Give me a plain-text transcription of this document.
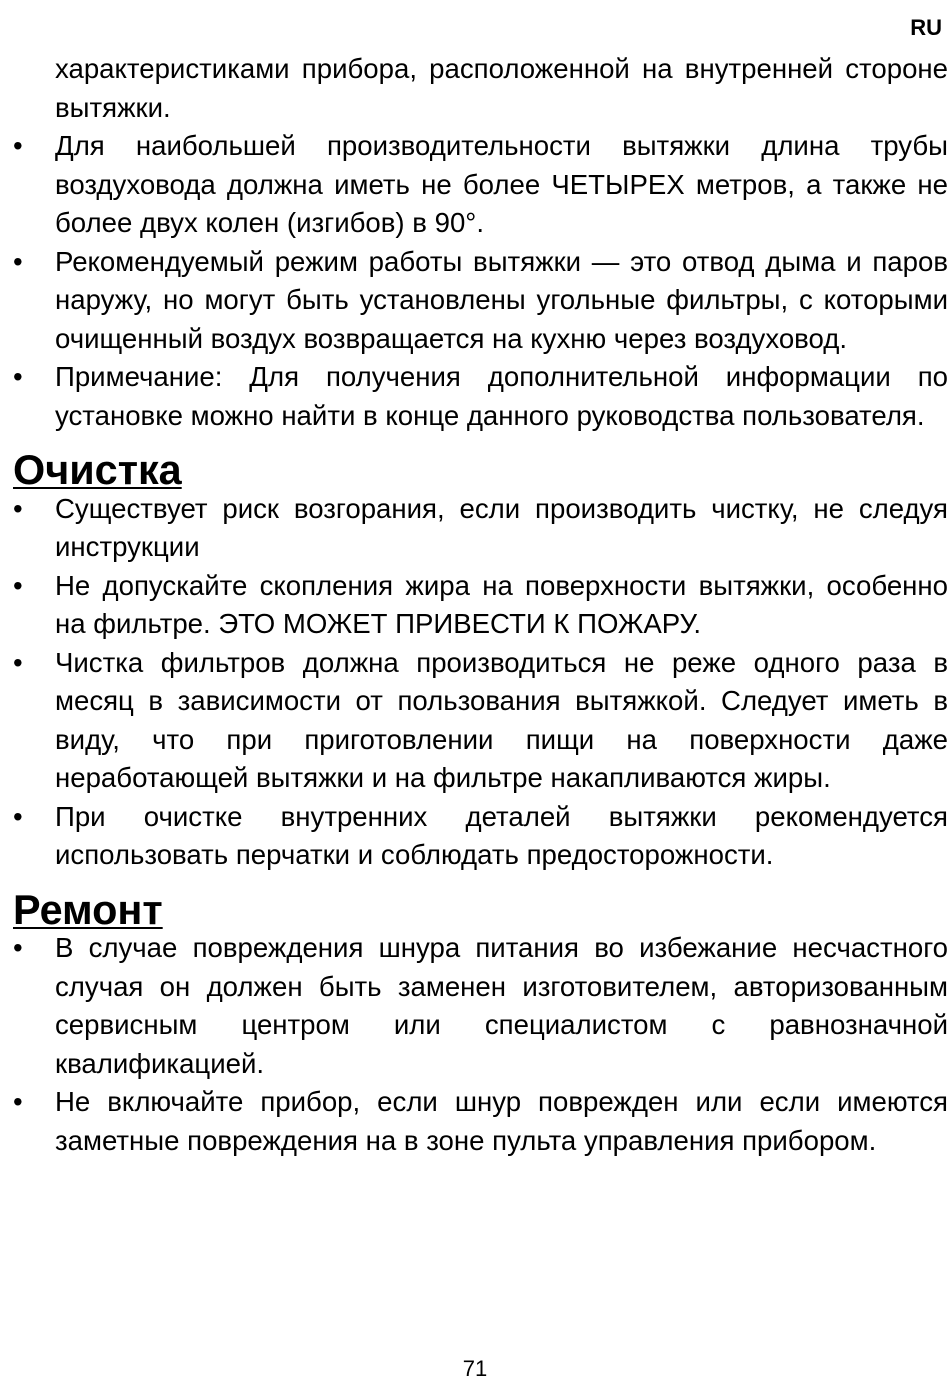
RU

характеристиками прибора, расположенной на внутренней стороне вытяжки.

• Для наибольшей производительности вытяжки длина трубы воздуховода должна иметь не более ЧЕТЫРЕХ метров, а также не более двух колен (изгибов) в 90°.
• Рекомендуемый режим работы вытяжки — это отвод дыма и паров наружу, но могут быть установлены угольные фильтры, с которыми очищенный воздух возвращается на кухню через воздуховод.
• Примечание: Для получения дополнительной информации по установке можно найти в конце данного руководства пользователя.
Очистка
• Существует риск возгорания, если производить чистку, не следуя инструкции
• Не допускайте скопления жира на поверхности вытяжки, особенно на фильтре. ЭТО МОЖЕТ ПРИВЕСТИ К ПОЖАРУ.
• Чистка фильтров должна производиться не реже одного раза в месяц в зависимости от пользования вытяжкой. Следует иметь в виду, что при приготовлении пищи на поверхности даже неработающей вытяжки и на фильтре накапливаются жиры.
• При очистке внутренних деталей вытяжки рекомендуется использовать перчатки и соблюдать предосторожности.
Ремонт
• В случае повреждения шнура питания во избежание несчастного случая он должен быть заменен изготовителем, авторизованным сервисным центром или специалистом с равнозначной квалификацией.
• Не включайте прибор, если шнур поврежден или если имеются заметные повреждения на в зоне пульта управления прибором.
71
